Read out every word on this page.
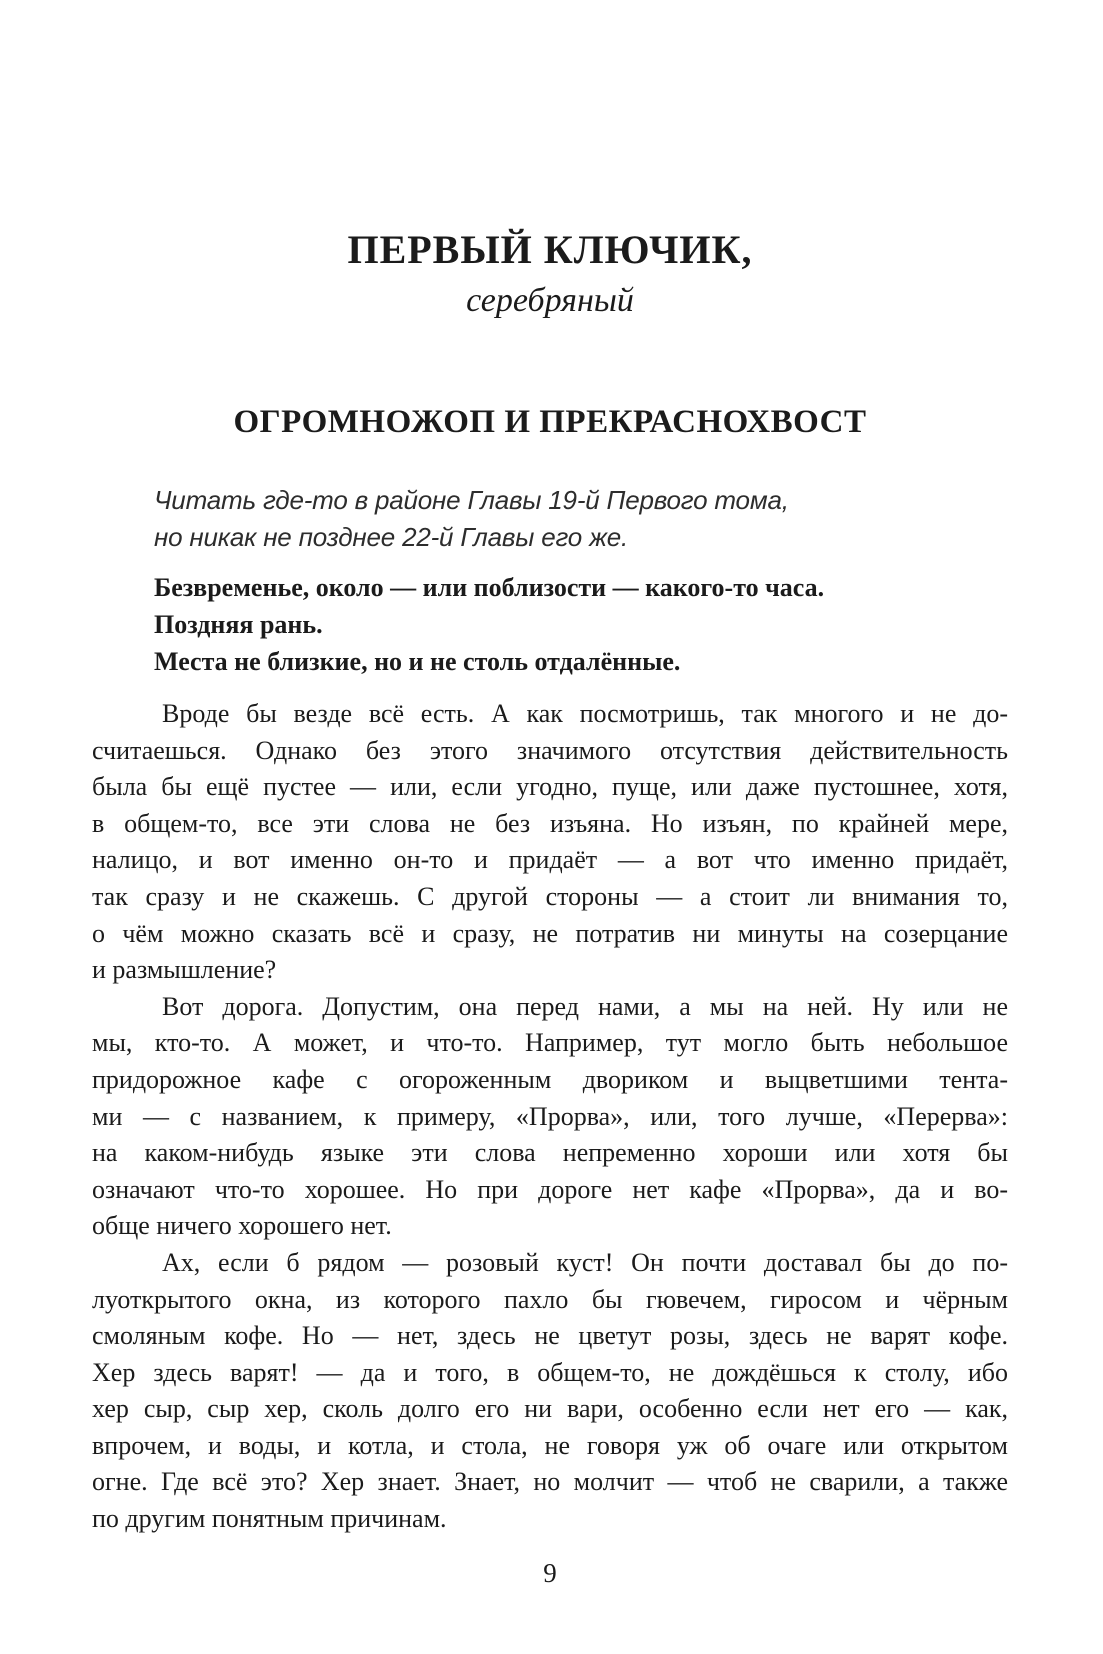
ПЕРВЫЙ КЛЮЧИК,
серебряный
ОГРОМНОЖОП И ПРЕКРАСНОХВОСТ
Читать где-то в районе Главы 19-й Первого тома,
но никак не позднее 22-й Главы его же.
Безвременье, около — или поблизости — какого-то часа.
Поздняя рань.
Места не близкие, но и не столь отдалённые.
Вроде бы везде всё есть. А как посмотришь, так многого и не до-
считаешься. Однако без этого значимого отсутствия действительность
была бы ещё пустее — или, если угодно, пуще, или даже пустошнее, хотя,
в общем-то, все эти слова не без изъяна. Но изъян, по крайней мере,
налицо, и вот именно он-то и придаёт — а вот что именно придаёт,
так сразу и не скажешь. С другой стороны — а стоит ли внимания то,
о чём можно сказать всё и сразу, не потратив ни минуты на созерцание
и размышление?
Вот дорога. Допустим, она перед нами, а мы на ней. Ну или не
мы, кто-то. А может, и что-то. Например, тут могло быть небольшое
придорожное кафе с огороженным двориком и выцветшими тента-
ми — с названием, к примеру, «Прорва», или, того лучше, «Перерва»:
на каком-нибудь языке эти слова непременно хороши или хотя бы
означают что-то хорошее. Но при дороге нет кафе «Прорва», да и во-
обще ничего хорошего нет.
Ах, если б рядом — розовый куст! Он почти доставал бы до по-
луоткрытого окна, из которого пахло бы гювечем, гиросом и чёрным
смоляным кофе. Но — нет, здесь не цветут розы, здесь не варят кофе.
Хер здесь варят! — да и того, в общем-то, не дождёшься к столу, ибо
хер сыр, сыр хер, сколь долго его ни вари, особенно если нет его — как,
впрочем, и воды, и котла, и стола, не говоря уж об очаге или открытом
огне. Где всё это? Хер знает. Знает, но молчит — чтоб не сварили, а также
по другим понятным причинам.
9
